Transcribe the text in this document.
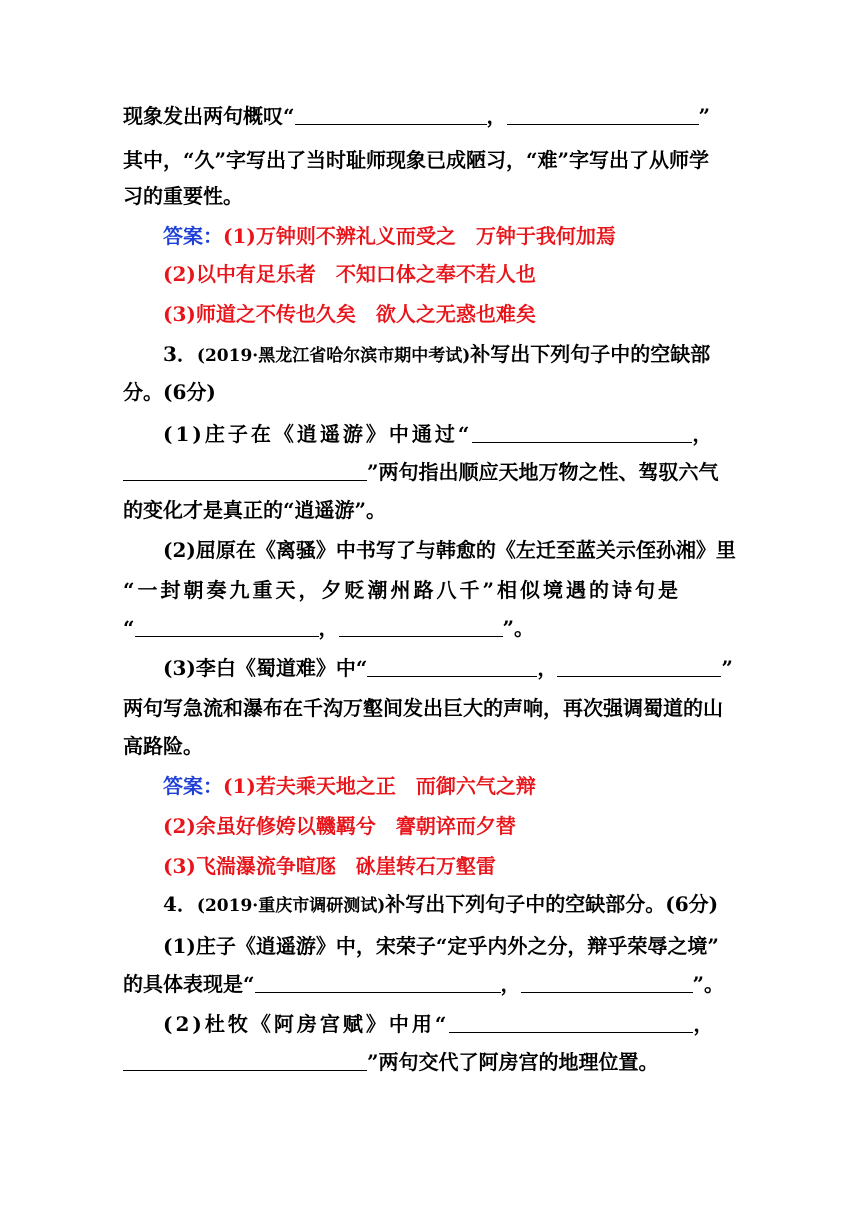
现象发出两句概叹“	，	”
其中，“久”字写出了当时耻师现象已成陋习，“难”字写出了从师学
习的重要性。
答案：(1)万钟则不辨礼义而受之　万钟于我何加焉
(2)以中有足乐者　不知口体之奉不若人也
(3)师道之不传也久矣　欲人之无惑也难矣
3．(2019·黑龙江省哈尔滨市期中考试)补写出下列句子中的空缺部
分。(6分)
(1)庄子在《逍遥游》中通过“	，
”两句指出顺应天地万物之性、驾驭六气
的变化才是真正的“逍遥游”。
(2)屈原在《离骚》中书写了与韩愈的《左迁至蓝关示侄孙湘》里
“一封朝奏九重天，夕贬潮州路八千”相似境遇的诗句是
“	，	”。
(3)李白《蜀道难》中“	，	”
两句写急流和瀑布在千沟万壑间发出巨大的声响，再次强调蜀道的山
高路险。
答案：(1)若夫乘天地之正　而御六气之辩
(2)余虽好修姱以鞿羁兮　謇朝谇而夕替
(3)飞湍瀑流争喧豗　砯崖转石万壑雷
4．(2019·重庆市调研测试)补写出下列句子中的空缺部分。(6分)
(1)庄子《逍遥游》中，宋荣子“定乎内外之分，辩乎荣辱之境”
的具体表现是“	，	”。
(2)杜牧《阿房宫赋》中用“	，
”两句交代了阿房宫的地理位置。
